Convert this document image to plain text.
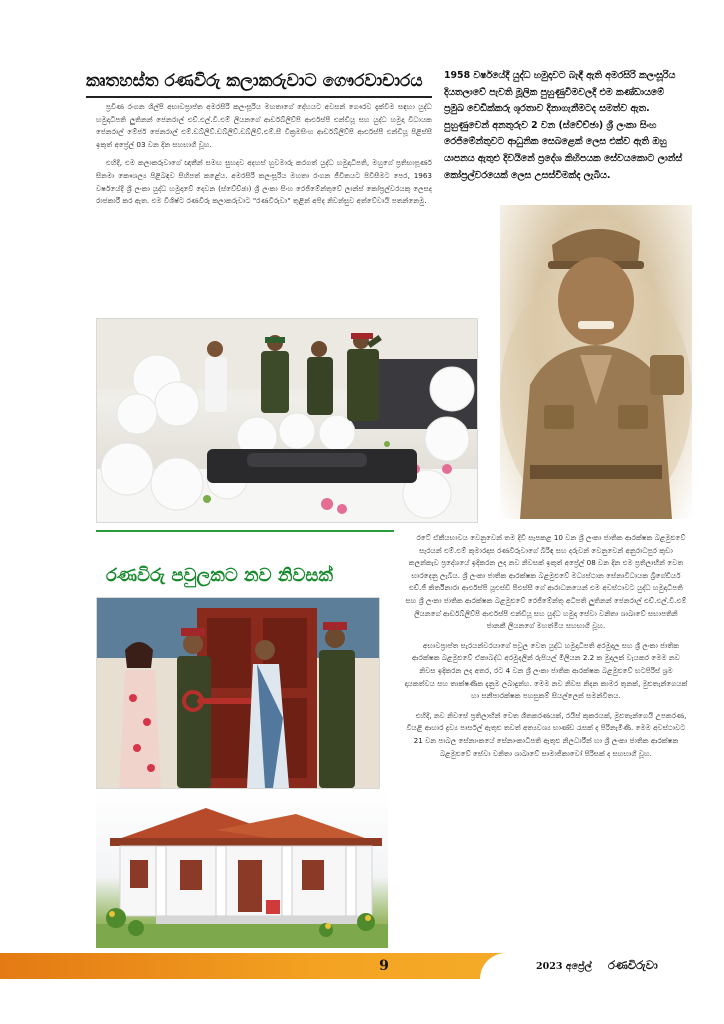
කෘතහස්ත රණවිරු කලාකරුවාට ගෞරවාචාරය

ප්‍රවීණ රංගන ශිල්පී අභාවප්‍රාප්ත අමරසිරි කලංසූරිය මහතාගේ දේහයට අවසන් ගෞරව දැක්වීම සඳහා යුද්ධ හමුදාධිපති ලුතිනන් ජෙනරාල් එච්.එල්.වී.එම් ලියනගේ ආර්ඩබ්ලිව්පී ආර්එස්පී එන්ඩියූ සහ යුද්ධ හමුදා විධායක ජෙනරාල් මේජර් ජෙනරාල් එම්.ඩබ්ලිව්.ඩබ්ලිව්.ඩබ්ලිව්.එම්.සී වික්‍රමසිංහ ආර්ඩබ්ලිව්පී ආර්එස්පී එන්ඩියූ පිළිස්සී ඉකුත් අප්‍රේල් 03 වන දින සහභාගී වූහ.

එහිදී, එම කලාකරුවාගේ ඥාතීන් සමඟ සුහදව අදහස් හුවමාරු කරගත් යුද්ධ හමුදාධිපති, මහුගේ ප්‍රතිභාපූර්ණ සිනමා කෞශල්‍ය පිළිබඳව සිහිපත් කළේය. අමරසිරි කලංසූරිය මහතා රංගන ජීවිතයට පිවිසීමට පෙර, 1963 වර්ෂයේදී ශ්‍රී ලංකා යුද්ධ හමුදාවේ දෙවන (ස්වේච්ඡා) ශ්‍රී ලංකා සිංහ රෙජිමේන්තුවේ ලාන්ස් කෝප්‍රල්වරයකු ලෙසද රාජකාරී කර ඇත. එම විශිෂ්ට රණවිරු කලාකරුවාට "රණවිරුවා" තුළින් අපිද නිවන්සුව අත්වේවායි පතන්නෙමු.

1958 වර්ෂයේදී යුද්ධ හමුදාවට බැඳී ඇති අමරසිරි කලංසූරිය දියතලාවේ පැවති මූලික පුහුණුවීමවලදී එම කණ්ඩායමේ ප්‍රමුඛ වෙඩික්කරු ශූරතාව දිනාගැනීමටද සමත්ව ඇත. පුහුණුවෙන් අනතුරුව 2 වන (ස්වේච්ඡා) ශ්‍රී ලංකා සිංහ රෙජිමේන්තුවට ආධුනික සෙබළෙක් ලෙස එක්ව ඇති ඔහු යාපනය ඇතුළු දිවයිනේ ප්‍රදේශ කිහිපයක සේවයකොට ලාන්ස් කෝප්‍රල්වරයෙක් ලෙස උසස්වීමක්ද ලැබීය.
රණවිරු පවුලකට නව නිවසක්

රටේ ඒකීයභාවය වෙනුවෙන් තම දිවි සැපකළ 10 වන ශ්‍රී ලංකා ජාතික ආරක්ෂක බළමුළුවේ සැරයන් එම්.එම් කුමාරදාස රණවිරුවාගේ බිරිඳ සහ දරුවන් වෙනුවෙන් අනුරාධපුර කුඩා කලන්කැව ප්‍රදේශයේ ඉදිකරන ලද නව නිවසක් ඉකුත් අප්‍රේල් 08 වන දින එම ප්‍රතිලාභීන් වෙත භාරදෙනු ලැබීය. ශ්‍රී ලංකා ජාතික ආරක්ෂක බළමුළුවේ මධ්‍යස්ථාන සේනාවිධායක බ්‍රිගේඩියර් එච්.ජී කිර්තිනාරා ආර්එස්පී යූඑස්ඩී පීඑස්සී ගේ ආරාධනයෙන් එම අවස්ථාවට යුද්ධ හමුදාධිපති සහ ශ්‍රී ලංකා ජාතික ආරක්ෂක බළමුළුවේ රෙජිමේන්තු අධිපති ලුතිනන් ජෙනරාල් එච්.එල්.වී.එම් ලියනගේ ආර්ඩබ්ලිව්පී ආර්එස්පී එන්ඩියූ සහ යුද්ධ හමුදා සේවා වනිතා ශාඛාවේ සභාපතිනි ජානකී ලියනගේ මහත්මිය සහභාගී වූහ.

අභාවප්‍රාප්ත සැරයන්වරයාගේ පවුල වෙත යුද්ධ හමුදාධිපති අරමුදල සහ ශ්‍රී ලංකා ජාතික ආරක්ෂක බළමුළුවේ ඒකාබද්ධ අරමුදලින් රුපියල් මිලියන 2.2 ක මුදලක් වැයකර මෙම නව නිවස ඉදිකරන ලද අතර, රට 4 වන ශ්‍රී ලංකා ජාතික ආරක්ෂක බළමුළුවේ භටපිරිස් ශ්‍රම දායකත්වය සහ තාක්ෂණික දැනුම ලබාදුන්හ. මෙම නව නිවස නිදන කාමර තුනක්, මුළුතැන්ගෙයක් හා සනීපාරක්ෂක පහසුකම් සියල්ලෙන් සමන්විතය.

එහිදී, නව නිවසේ ප්‍රතිලාභීන් වෙත ශීතකරණයක්, රයිස් කුකරයක්, මුළුතැන්ගෙයි උපකරණ, වියළි ආහාර ද්‍රව්‍ය පාර්සල් ඇතුළු තවත් අත්‍යවශ්‍ය භාණ්ඩ රැසක් ද පිරිනැමිණි. මෙම අවස්ථාවට 21 වන පාබල සේනාංකයේ සේනාංකාධිපති ඇතුළු නිලධාරීන් හා ශ්‍රී ලංකා ජාතික ආරක්ෂක බළමුළුවේ සේවා වනිතා ශාඛාවේ සාමාජිකාවෝ පිරිසක් ද සහභාගී වූහ.

9	2023 අප්‍රේල්	රණවිරුවා
